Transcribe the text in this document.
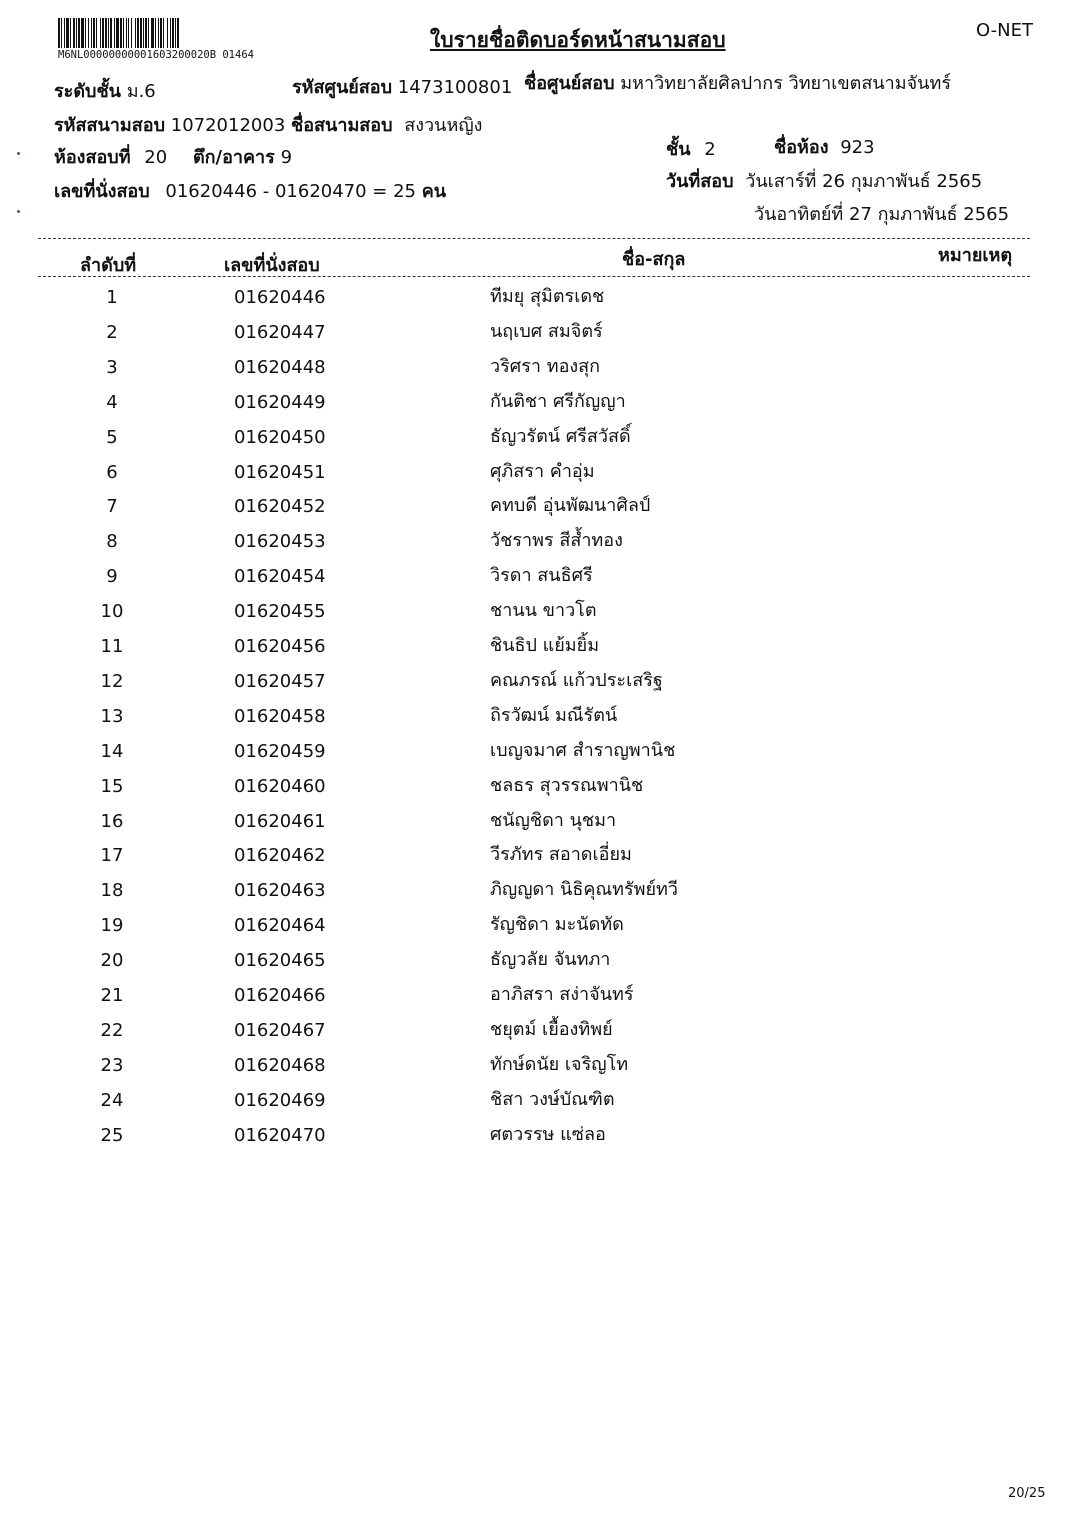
M6NL00000000001603200020B 01464
ใบรายชื่อติดบอร์ดหน้าสนามสอบ	O-NET
ระดับชั้น ม.6	รหัสศูนย์สอบ 1473100801 ชื่อศูนย์สอบ มหาวิทยาลัยศิลปากร วิทยาเขตสนามจันทร์
รหัสสนามสอบ 1072012003 ชื่อสนามสอบ สงวนหญิง
ห้องสอบที่ 20 ตึก/อาคาร 9
เลขที่นั่งสอบ 01620446 - 01620470 = 25 คน
ชั้น 2	ชื่อห้อง 923
วันที่สอบ วันเสาร์ที่ 26 กุมภาพันธ์ 2565
วันอาทิตย์ที่ 27 กุมภาพันธ์ 2565
ลำดับที่	เลขที่นั่งสอบ	ชื่อ-สกุล	หมายเหตุ
1	01620446	ทีมยุ สุมิตรเดช
2	01620447	นฤเบศ สมจิตร์
3	01620448	วริศรา ทองสุก
4	01620449	กันติชา ศรีกัญญา
5	01620450	ธัญวรัตน์ ศรีสวัสดิ์
6	01620451	ศุภิสรา คำอุ่ม
7	01620452	คทบดี อุ่นพัฒนาศิลป์
8	01620453	วัชราพร สีส้ำทอง
9	01620454	วิรดา สนธิศรี
10	01620455	ชานน ขาวโต
11	01620456	ชินธิป แย้มยิ้ม
12	01620457	คณภรณ์ แก้วประเสริฐ
13	01620458	ถิรวัฒน์ มณีรัตน์
14	01620459	เบญจมาศ สำราญพานิช
15	01620460	ชลธร สุวรรณพานิช
16	01620461	ชนัญชิดา นุชมา
17	01620462	วีรภัทร สอาดเอี่ยม
18	01620463	ภิญญดา นิธิคุณทรัพย์ทวี
19	01620464	รัญชิดา มะนัดทัด
20	01620465	ธัญวลัย จันทภา
21	01620466	อาภิสรา สง่าจันทร์
22	01620467	ชยุตม์ เยื้องทิพย์
23	01620468	ทักษ์ดนัย เจริญโท
24	01620469	ชิสา วงษ์บัณฑิต
25	01620470	ศตวรรษ แซ่ลอ
20/25
